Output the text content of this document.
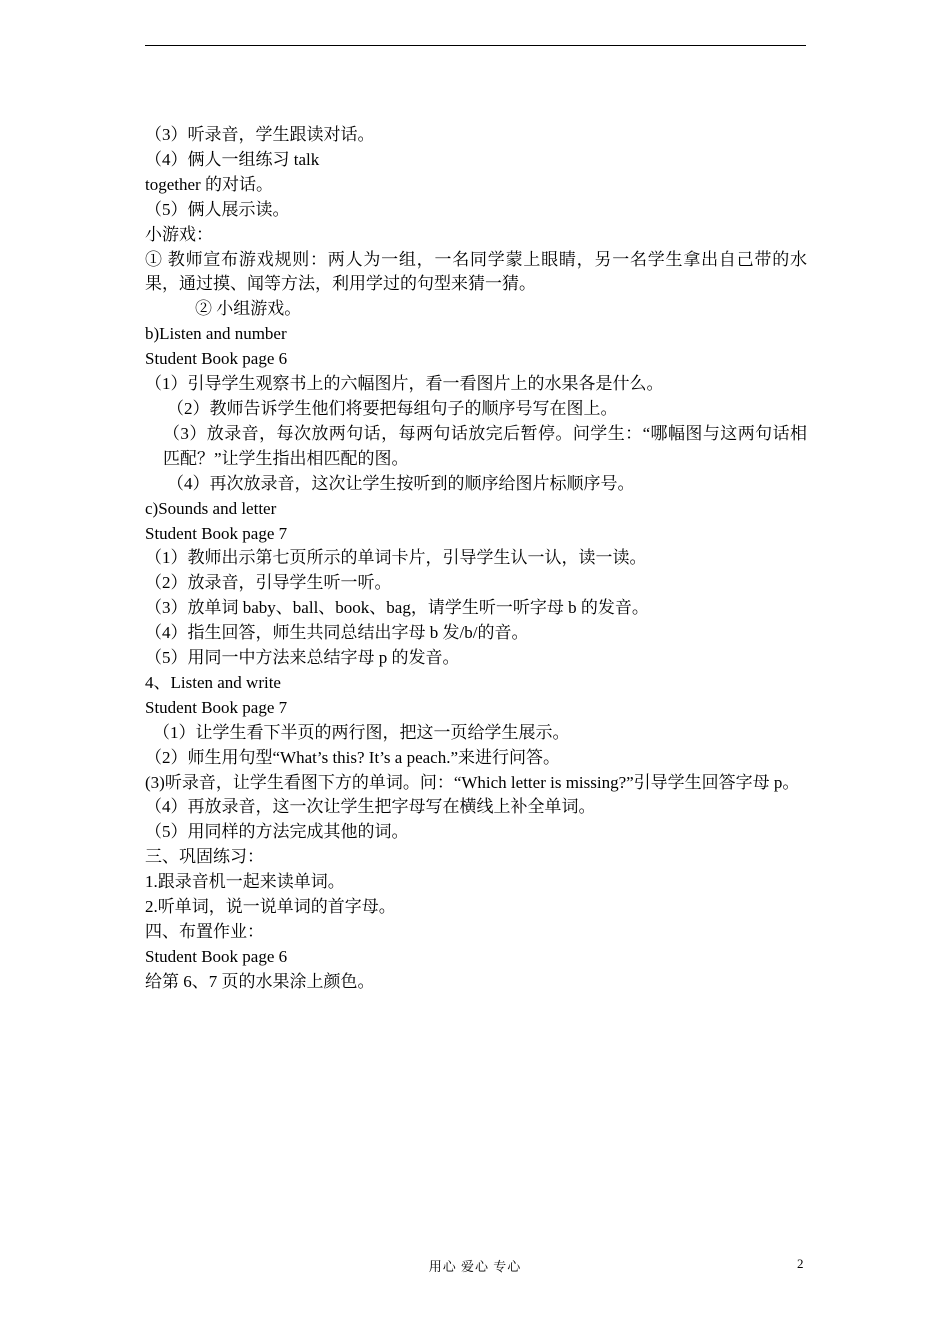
（3）听录音，学生跟读对话。
（4）俩人一组练习 talk
together 的对话。
（5）俩人展示读。
小游戏：
① 教师宣布游戏规则：两人为一组，一名同学蒙上眼睛，另一名学生拿出自己带的水果，通过摸、闻等方法，利用学过的句型来猜一猜。
② 小组游戏。
b)Listen and number
Student Book page 6
（1）引导学生观察书上的六幅图片，看一看图片上的水果各是什么。
（2）教师告诉学生他们将要把每组句子的顺序号写在图上。
（3）放录音，每次放两句话，每两句话放完后暂停。问学生：“哪幅图与这两句话相匹配？”让学生指出相匹配的图。
（4）再次放录音，这次让学生按听到的顺序给图片标顺序号。
c)Sounds and letter
Student Book page 7
（1）教师出示第七页所示的单词卡片，引导学生认一认，读一读。
（2）放录音，引导学生听一听。
（3）放单词 baby、ball、book、bag，请学生听一听字母 b 的发音。
（4）指生回答，师生共同总结出字母 b 发/b/的音。
（5）用同一中方法来总结字母 p 的发音。
4、Listen and write
Student Book page 7
（1）让学生看下半页的两行图，把这一页给学生展示。
（2）师生用句型“What’s this? It’s a peach.”来进行问答。
(3)听录音，让学生看图下方的单词。问：“Which letter is missing?”引导学生回答字母 p。
（4）再放录音，这一次让学生把字母写在横线上补全单词。
（5）用同样的方法完成其他的词。
三、巩固练习：
1.跟录音机一起来读单词。
2.听单词，说一说单词的首字母。
四、布置作业：
Student Book page 6
给第 6、7 页的水果涂上颜色。
用心 爱心 专心	2
